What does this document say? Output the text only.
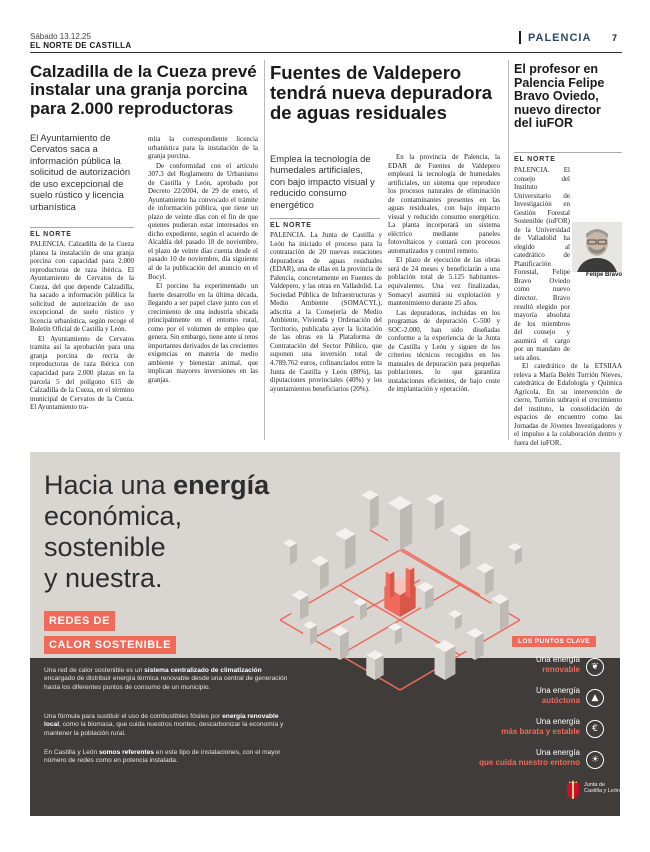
Sábado 13.12.25
EL NORTE DE CASTILLA
PALENCIA 7
Calzadilla de la Cueza prevé instalar una granja porcina para 2.000 reproductoras
El Ayuntamiento de Cervatos saca a información pública la solicitud de autorización de uso excepcional de suelo rústico y licencia urbanística
EL NORTE

PALENCIA. Calzadilla de la Cueza planea la instalación de una granja porcina con capacidad para 2.000 reproductoras de raza ibérica. El Ayuntamiento de Cervatos de la Cueza, del que depende Calzadilla, ha sacado a información pública la solicitud de autorización de uso excepcional de suelo rústico y licencia urbanística, según recoge el Boletín Oficial de Castilla y León.

El Ayuntamiento de Cervatos tramita así la aprobación para una granja porcina de recría de reproductoras de raza ibérica con capacidad para 2.000 plazas en la parcela 5 del polígono 615 de Calzadilla de la Cueza, en el término municipal de Cervatos de la Cueza. El Ayuntamiento tra-

mita la correspondiente licencia urbanística para la instalación de la granja porcina.

De conformidad con el artículo 307.3 del Reglamento de Urbanismo de Castilla y León, aprobado por Decreto 22/2004, de 29 de enero, el Ayuntamiento ha convocado el trámite de información pública, que tiene un plazo de veinte días con el fin de que quienes pudieran estar interesados en dicho expediente, según el acuerdo de Alcaldía del pasado 18 de noviembre, el plazo de veinte días cuenta desde el pasado 10 de noviembre, día siguiente al de la publicación del anuncio en el Bocyl.

El porcino ha experimentado un fuerte desarrollo en la última década, llegando a ser papel clave junto con el crecimiento de una industria ubicada principalmente en el entorno rural, como por el volumen de empleo que genera. Sin embargo, tiene ante sí retos importantes derivados de las crecientes exigencias en materia de medio ambiente y bienestar animal, que implican mayores inversiones en las granjas.

Fuentes de Valdepero tendrá nueva depuradora de aguas residuales
Emplea la tecnología de humedales artificiales, con bajo impacto visual y reducido consumo energético
EL NORTE

PALENCIA. La Junta de Castilla y León ha iniciado el proceso para la contratación de 20 nuevas estaciones depuradoras de aguas residuales (EDAR), una de ellas en la provincia de Palencia, concretamente en Fuentes de Valdepero, y las otras en Valladolid. La Sociedad Pública de Infraestructuras y Medio Ambiente (SOMACYL), adscrita a la Consejería de Medio Ambiente, Vivienda y Ordenación del Territorio, publicaba ayer la licitación de las obras en la Plataforma de Contratación del Sector Público, que suponen una inversión total de 4.789.762 euros, cofinanciados entre la Junta de Castilla y León (80%), las diputaciones provinciales (40%) y los ayuntamientos beneficiarios (20%).

En la provincia de Palencia, la EDAR de Fuentes de Valdepero empleará la tecnología de humedales artificiales, un sistema que reproduce los procesos naturales de eliminación de contaminantes presentes en las aguas residuales, con bajo impacto visual y reducido consumo energético. La planta incorporará un sistema eléctrico mediante paneles fotovoltaicos y contará con procesos automatizados y control remoto.

El plazo de ejecución de las obras será de 24 meses y beneficiarán a una población total de 5.125 habitantes-equivalentes. Una vez finalizadas, Somacyl asumirá su explotación y mantenimiento durante 25 años.

Las depuradoras, incluidas en los programas de depuración C-500 y SOC-2.000, han sido diseñadas conforme a la experiencia de la Junta de Castilla y León y siguen de los criterios técnicos recogidos en los manuales de depuración para pequeñas poblaciones, lo que garantiza instalaciones eficientes, de bajo coste de implantación y operación.

El profesor en Palencia Felipe Bravo Oviedo, nuevo director del iuFOR
EL NORTE
Felipe Bravo

PALENCIA. El consejo del Instituto Universitario de Investigación en Gestión Forestal Sostenible (iuFOR) de la Universidad de Valladolid ha elegido al catedrático de Planificación Forestal, Felipe Bravo Oviedo como nuevo director. Bravo resultó elegido por mayoría absoluta de los miembros del consejo y asumirá el cargo por un mandato de seis años.

El catedrático de la ETSIIAA releva a María Belén Turrión Nieves, catedrática de Edafología y Química Agrícola. En su intervención de cierre, Turrión subrayó el crecimiento del instituto, la consolidación de espacios de encuentro como las Jornadas de Jóvenes Investigadores y el impulso a la colaboración dentro y fuera del iuFOR.

Hacia una energía
económica,
sostenible
y nuestra.
REDES DE
CALOR SOSTENIBLE
Una red de calor sostenible es un sistema centralizado de climatización encargado de distribuir energía térmica renovable desde una central de generación hasta los diferentes puntos de consumo de un municipio.
Una fórmula para sustituir el uso de combustibles fósiles por energía renovable local, como la biomasa, que cuida nuestros montes, descarbonizar la economía y mantener la población rural.
En Castilla y León somos referentes en este tipo de instalaciones, con el mayor número de redes como en potencia instalada.
LOS PUNTOS CLAVE
Una energía
renovable	❦
Una energía
autóctona	▲
Una energía
más barata y estable	€
Una energía
que cuida nuestro entorno	☀
Junta de
Castilla y León
